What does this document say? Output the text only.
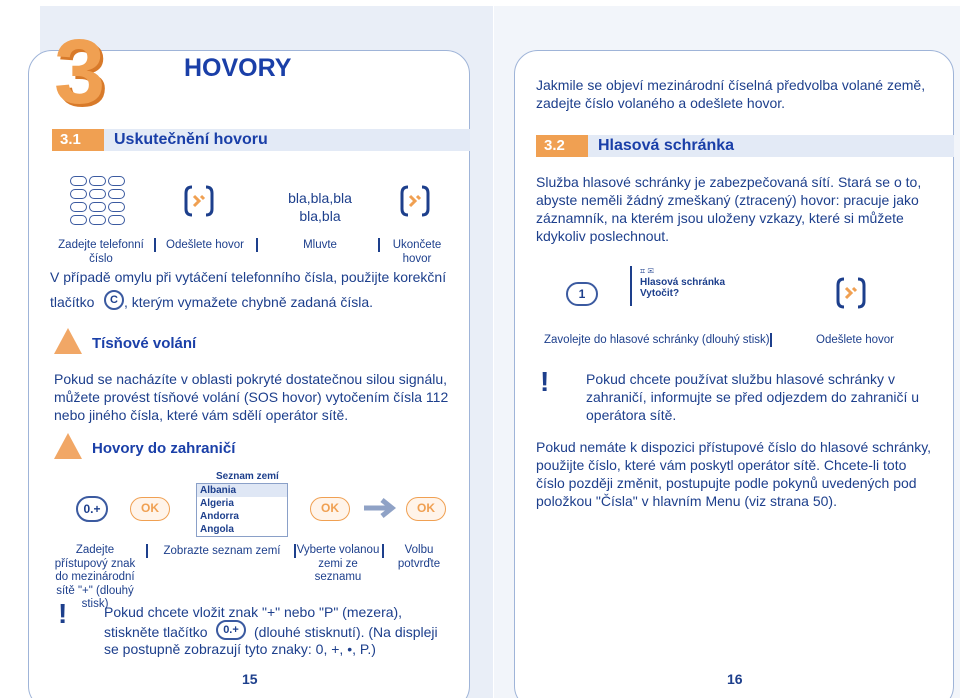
3	HOVORY
3.1	Uskutečnění hovoru
bla,bla,bla
bla,bla
Zadejte telefonní číslo
Odešlete hovor	Mluvte	Ukončete hovor
V případě omylu při vytáčení telefonního čísla, použijte korekční
tlačítko	C , kterým vymažete chybně zadaná čísla.
Tísňové volání
Pokud se nacházíte v oblasti pokryté dostatečnou silou signálu,
můžete provést tísňové volání (SOS hovor) vytočením čísla 112
nebo jiného čísla, které vám sdělí operátor sítě.
Hovory do zahraničí
0.+	OK
Seznam zemí
Albania
Algeria
Andorra
Angola
OK	OK
Zadejte přístupový znak do mezinárodní sítě "+" (dlouhý stisk)
Zobrazte seznam zemí Vyberte volanou zemi ze seznamu
Volbu potvrďte
!	Pokud chcete vložit znak "+" nebo "P" (mezera),
stiskněte tlačítko	0.+	(dlouhé stisknutí). (Na displeji
se postupně zobrazují tyto znaky: 0, +, •, P.)
15
Jakmile se objeví mezinárodní číselná předvolba volané země,
zadejte číslo volaného a odešlete hovor.
3.2	Hlasová schránka
Služba hlasové schránky je zabezpečovaná sítí. Stará se o to,
abyste neměli žádný zmeškaný (ztracený) hovor: pracuje jako
záznamník, na kterém jsou uloženy vzkazy, které si můžete
kdykoliv poslechnout.
1
⌗ ✉
Hlasová schránka
Vytočit?
Zavolejte do hlasové schránky (dlouhý stisk)	Odešlete hovor
!	Pokud chcete používat službu hlasové schránky v
zahraničí, informujte se před odjezdem do zahraničí u
operátora sítě.
Pokud nemáte k dispozici přístupové číslo do hlasové schránky,
použijte číslo, které vám poskytl operátor sítě. Chcete-li toto
číslo později změnit, postupujte podle pokynů uvedených pod
položkou "Čísla" v hlavním Menu (viz strana 50).
16
